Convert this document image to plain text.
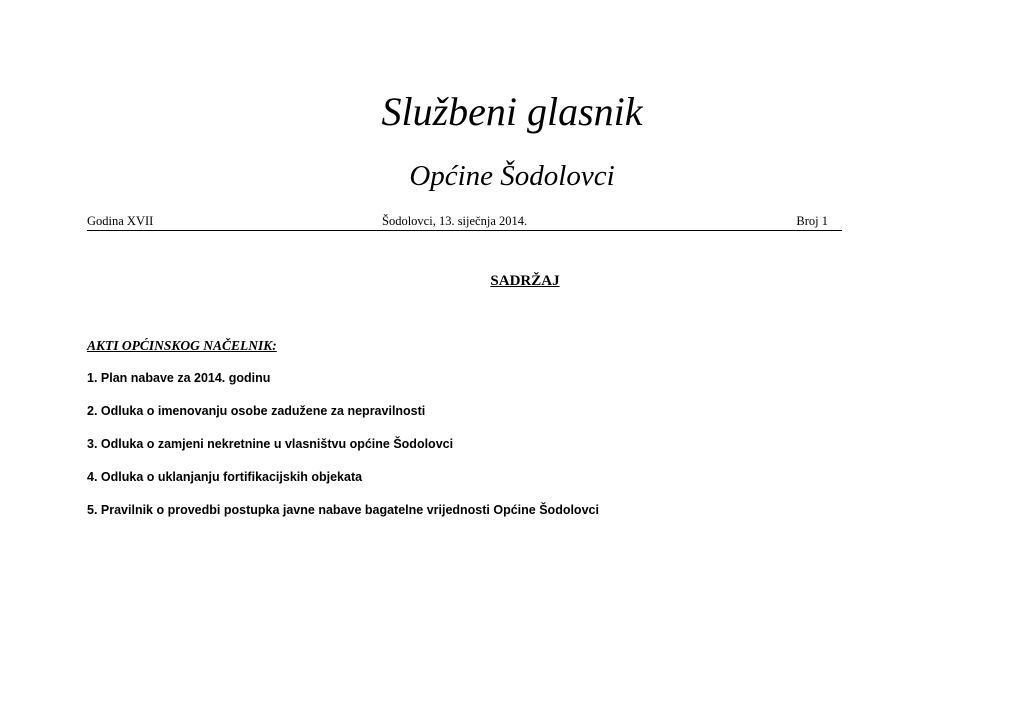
Službeni glasnik
Općine Šodolovci
Godina XVII	Šodolovci, 13. siječnja 2014.	Broj 1
SADRŽAJ
AKTI OPĆINSKOG NAČELNIK:
1. Plan nabave za 2014. godinu
2. Odluka o imenovanju osobe zadužene za nepravilnosti
3. Odluka o zamjeni nekretnine u vlasništvu općine Šodolovci
4. Odluka o uklanjanju fortifikacijskih objekata
5. Pravilnik o provedbi postupka javne nabave bagatelne vrijednosti Općine Šodolovci
